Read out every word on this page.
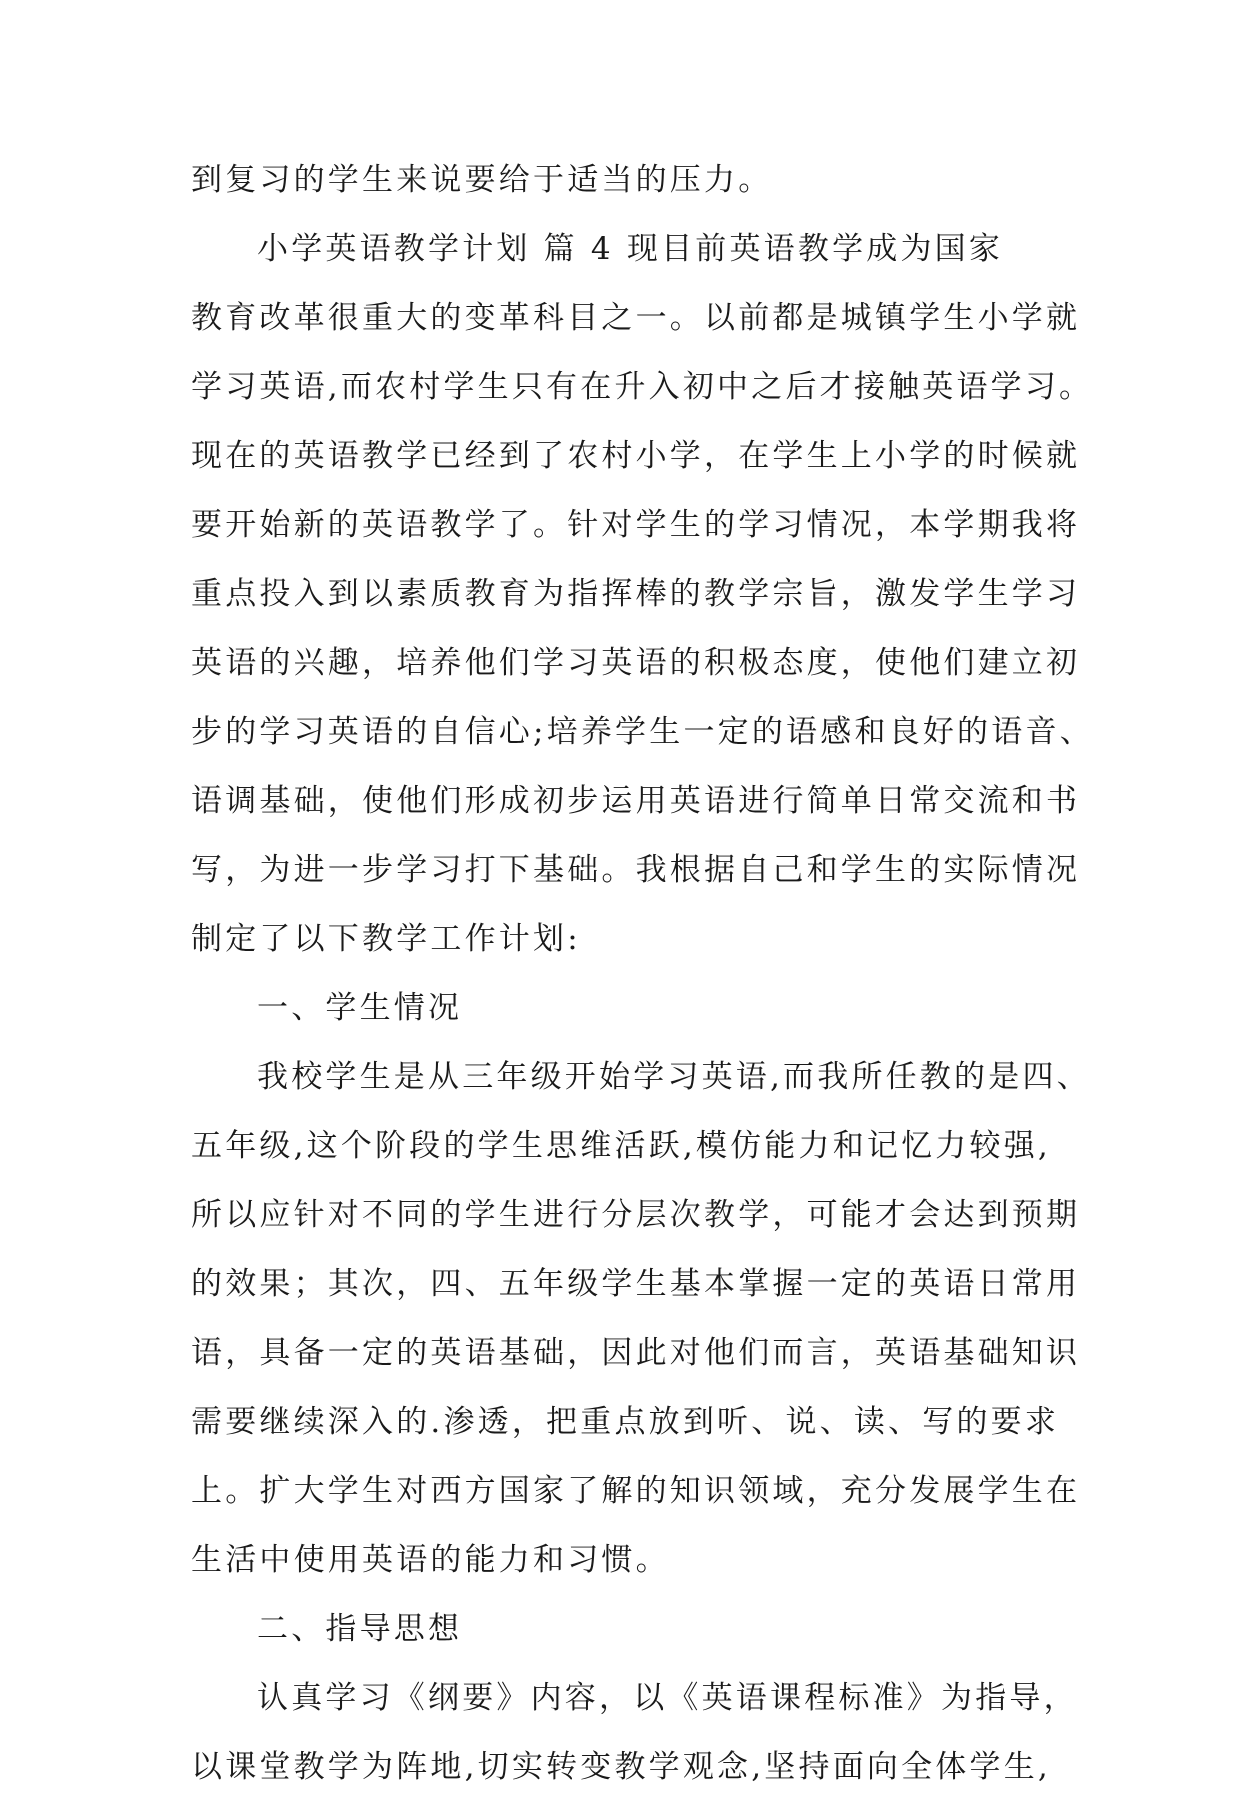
到复习的学生来说要给于适当的压力。
小学英语教学计划 篇 4 现目前英语教学成为国家
教育改革很重大的变革科目之一。以前都是城镇学生小学就
学习英语,而农村学生只有在升入初中之后才接触英语学习。
现在的英语教学已经到了农村小学，在学生上小学的时候就
要开始新的英语教学了。针对学生的学习情况，本学期我将
重点投入到以素质教育为指挥棒的教学宗旨，激发学生学习
英语的兴趣，培养他们学习英语的积极态度，使他们建立初
步的学习英语的自信心;培养学生一定的语感和良好的语音、
语调基础，使他们形成初步运用英语进行简单日常交流和书
写，为进一步学习打下基础。我根据自己和学生的实际情况
制定了以下教学工作计划:
一、学生情况
我校学生是从三年级开始学习英语,而我所任教的是四、
五年级,这个阶段的学生思维活跃,模仿能力和记忆力较强,
所以应针对不同的学生进行分层次教学，可能才会达到预期
的效果；其次，四、五年级学生基本掌握一定的英语日常用
语，具备一定的英语基础，因此对他们而言，英语基础知识
需要继续深入的.渗透，把重点放到听、说、读、写的要求
上。扩大学生对西方国家了解的知识领域，充分发展学生在
生活中使用英语的能力和习惯。
二、指导思想
认真学习《纲要》内容，以《英语课程标准》为指导，
以课堂教学为阵地,切实转变教学观念,坚持面向全体学生,
